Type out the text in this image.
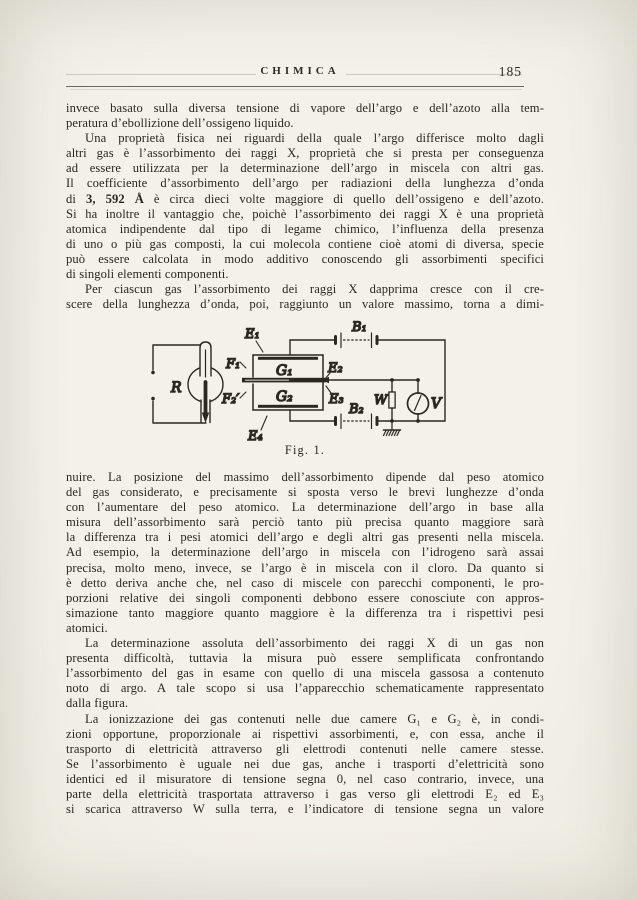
CHIMICA	185
invece basato sulla diversa tensione di vapore dell’argo e dell’azoto alla tem-
peratura d’ebollizione dell’ossigeno liquido.
Una proprietà fisica nei riguardi della quale l’argo differisce molto dagli
altri gas è l’assorbimento dei raggi X, proprietà che si presta per conseguenza
ad essere utilizzata per la determinazione dell’argo in miscela con altri gas.
Il coefficiente d’assorbimento dell’argo per radiazioni della lunghezza d’onda
di 3, 592 Å è circa dieci volte maggiore di quello dell’ossigeno e dell’azoto.
Si ha inoltre il vantaggio che, poichè l’assorbimento dei raggi X è una proprietà
atomica indipendente dal tipo di legame chimico, l’influenza della presenza
di uno o più gas composti, la cui molecola contiene cioè atomi di diversa, specie
può essere calcolata in modo additivo conoscendo gli assorbimenti specifici
di singoli elementi componenti.
Per ciascun gas l’assorbimento dei raggi X dapprima cresce con il cre-
scere della lunghezza d’onda, poi, raggiunto un valore massimo, torna a dimi-
R
G₁
G₂
E₁
F₁
F₂′
E₂
E₃
E₄
B₁
B₂
W	V
Fig. 1.
nuire. La posizione del massimo dell’assorbimento dipende dal peso atomico
del gas considerato, e precisamente si sposta verso le brevi lunghezze d’onda
con l’aumentare del peso atomico. La determinazione dell’argo in base alla
misura dell’assorbimento sarà perciò tanto più precisa quanto maggiore sarà
la differenza tra i pesi atomici dell’argo e degli altri gas presenti nella miscela.
Ad esempio, la determinazione dell’argo in miscela con l’idrogeno sarà assai
precisa, molto meno, invece, se l’argo è in miscela con il cloro. Da quanto si
è detto deriva anche che, nel caso di miscele con parecchi componenti, le pro-
porzioni relative dei singoli componenti debbono essere conosciute con appros-
simazione tanto maggiore quanto maggiore è la differenza tra i rispettivi pesi
atomici.
La determinazione assoluta dell’assorbimento dei raggi X di un gas non
presenta difficoltà, tuttavia la misura può essere semplificata confrontando
l’assorbimento del gas in esame con quello di una miscela gassosa a contenuto
noto di argo. A tale scopo si usa l’apparecchio schematicamente rappresentato
dalla figura.
La ionizzazione dei gas contenuti nelle due camere G₁ e G₂ è, in condi-
zioni opportune, proporzionale ai rispettivi assorbimenti, e, con essa, anche il
trasporto di elettricità attraverso gli elettrodi contenuti nelle camere stesse.
Se l’assorbimento è uguale nei due gas, anche i trasporti d’elettricità sono
identici ed il misuratore di tensione segna 0, nel caso contrario, invece, una
parte della elettricità trasportata attraverso i gas verso gli elettrodi E₂ ed E₃
si scarica attraverso W sulla terra, e l’indicatore di tensione segna un valore
